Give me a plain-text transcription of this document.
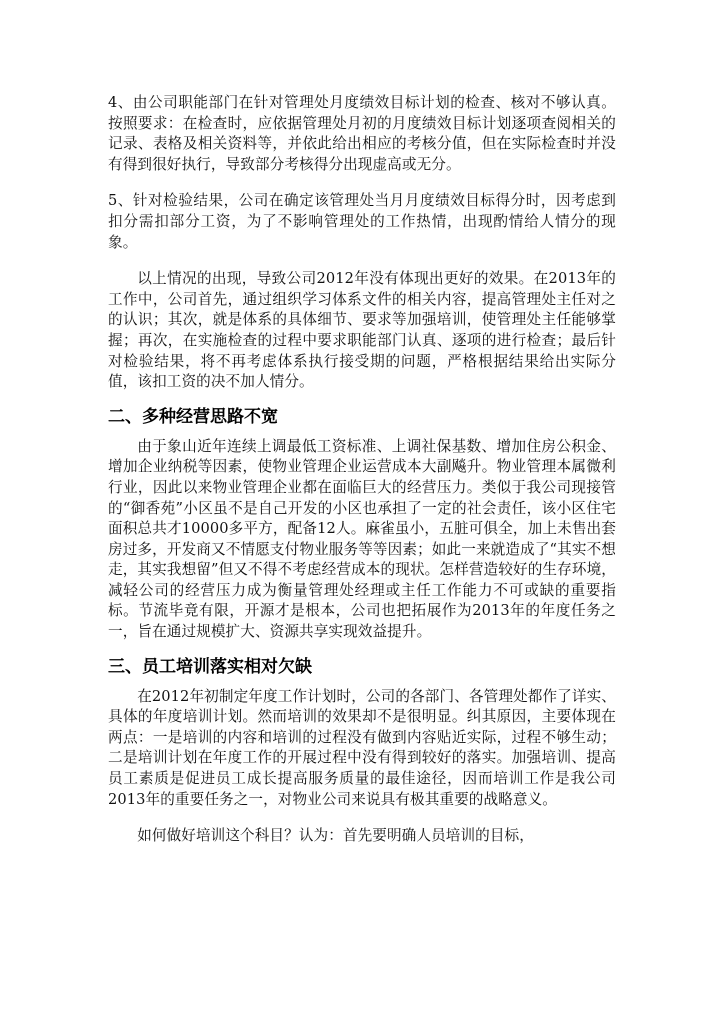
4、由公司职能部门在针对管理处月度绩效目标计划的检查、核对不够认真。按照要求：在检查时，应依据管理处月初的月度绩效目标计划逐项查阅相关的记录、表格及相关资料等，并依此给出相应的考核分值，但在实际检查时并没有得到很好执行，导致部分考核得分出现虚高或无分。

5、针对检验结果，公司在确定该管理处当月月度绩效目标得分时，因考虑到扣分需扣部分工资，为了不影响管理处的工作热情，出现酌情给人情分的现象。

以上情况的出现，导致公司2012年没有体现出更好的效果。在2013年的工作中，公司首先，通过组织学习体系文件的相关内容，提高管理处主任对之的认识；其次，就是体系的具体细节、要求等加强培训，使管理处主任能够掌握；再次，在实施检查的过程中要求职能部门认真、逐项的进行检查；最后针对检验结果，将不再考虑体系执行接受期的问题，严格根据结果给出实际分值，该扣工资的决不加人情分。

二、多种经营思路不宽

由于象山近年连续上调最低工资标准、上调社保基数、增加住房公积金、增加企业纳税等因素，使物业管理企业运营成本大副飚升。物业管理本属微利行业，因此以来物业管理企业都在面临巨大的经营压力。类似于我公司现接管的“御香苑”小区虽不是自己开发的小区也承担了一定的社会责任，该小区住宅面积总共才10000多平方，配备12人。麻雀虽小，五脏可俱全，加上未售出套房过多，开发商又不情愿支付物业服务等等因素；如此一来就造成了“其实不想走，其实我想留”但又不得不考虑经营成本的现状。怎样营造较好的生存环境，减轻公司的经营压力成为衡量管理处经理或主任工作能力不可或缺的重要指标。节流毕竟有限，开源才是根本，公司也把拓展作为2013年的年度任务之一，旨在通过规模扩大、资源共享实现效益提升。

三、员工培训落实相对欠缺

在2012年初制定年度工作计划时，公司的各部门、各管理处都作了详实、具体的年度培训计划。然而培训的效果却不是很明显。纠其原因，主要体现在两点：一是培训的内容和培训的过程没有做到内容贴近实际，过程不够生动；二是培训计划在年度工作的开展过程中没有得到较好的落实。加强培训、提高员工素质是促进员工成长提高服务质量的最佳途径，因而培训工作是我公司2013年的重要任务之一，对物业公司来说具有极其重要的战略意义。

如何做好培训这个科目？认为：首先要明确人员培训的目标，
